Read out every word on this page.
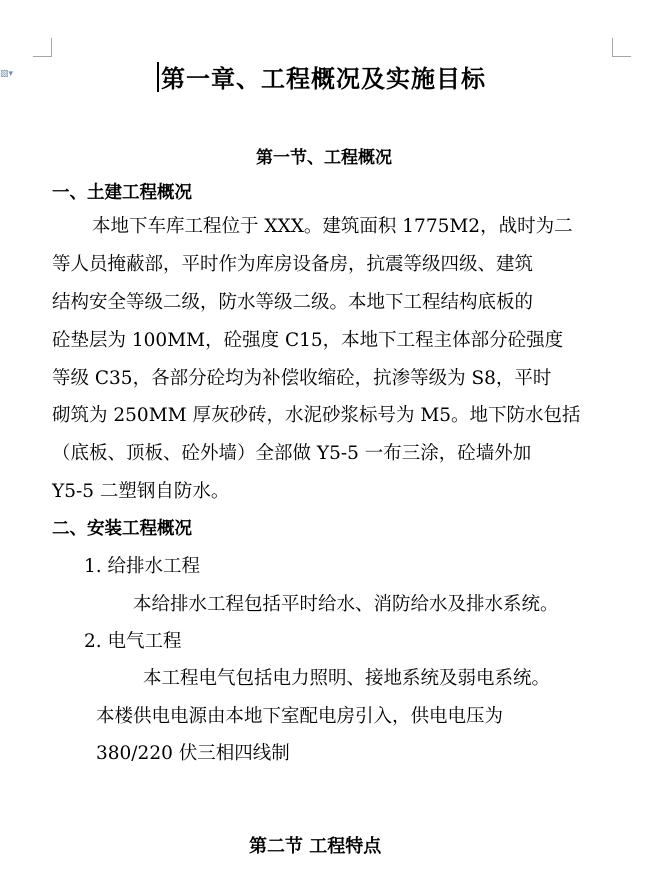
▧▾	第一章、工程概况及实施目标
第一节、工程概况
一、土建工程概况
本地下车库工程位于 XXX。建筑面积 1775M2，战时为二
等人员掩蔽部，平时作为库房设备房，抗震等级四级、建筑
结构安全等级二级，防水等级二级。本地下工程结构底板的
砼垫层为 100MM，砼强度 C15，本地下工程主体部分砼强度
等级 C35，各部分砼均为补偿收缩砼，抗渗等级为 S8，平时
砌筑为 250MM 厚灰砂砖，水泥砂浆标号为 M5。地下防水包括
（底板、顶板、砼外墙）全部做 Y5-5 一布三涂，砼墙外加
Y5-5 二塑钢自防水。
二、安装工程概况
1. 给排水工程
本给排水工程包括平时给水、消防给水及排水系统。
2. 电气工程
本工程电气包括电力照明、接地系统及弱电系统。
本楼供电电源由本地下室配电房引入，供电电压为
380/220 伏三相四线制
第二节 工程特点
